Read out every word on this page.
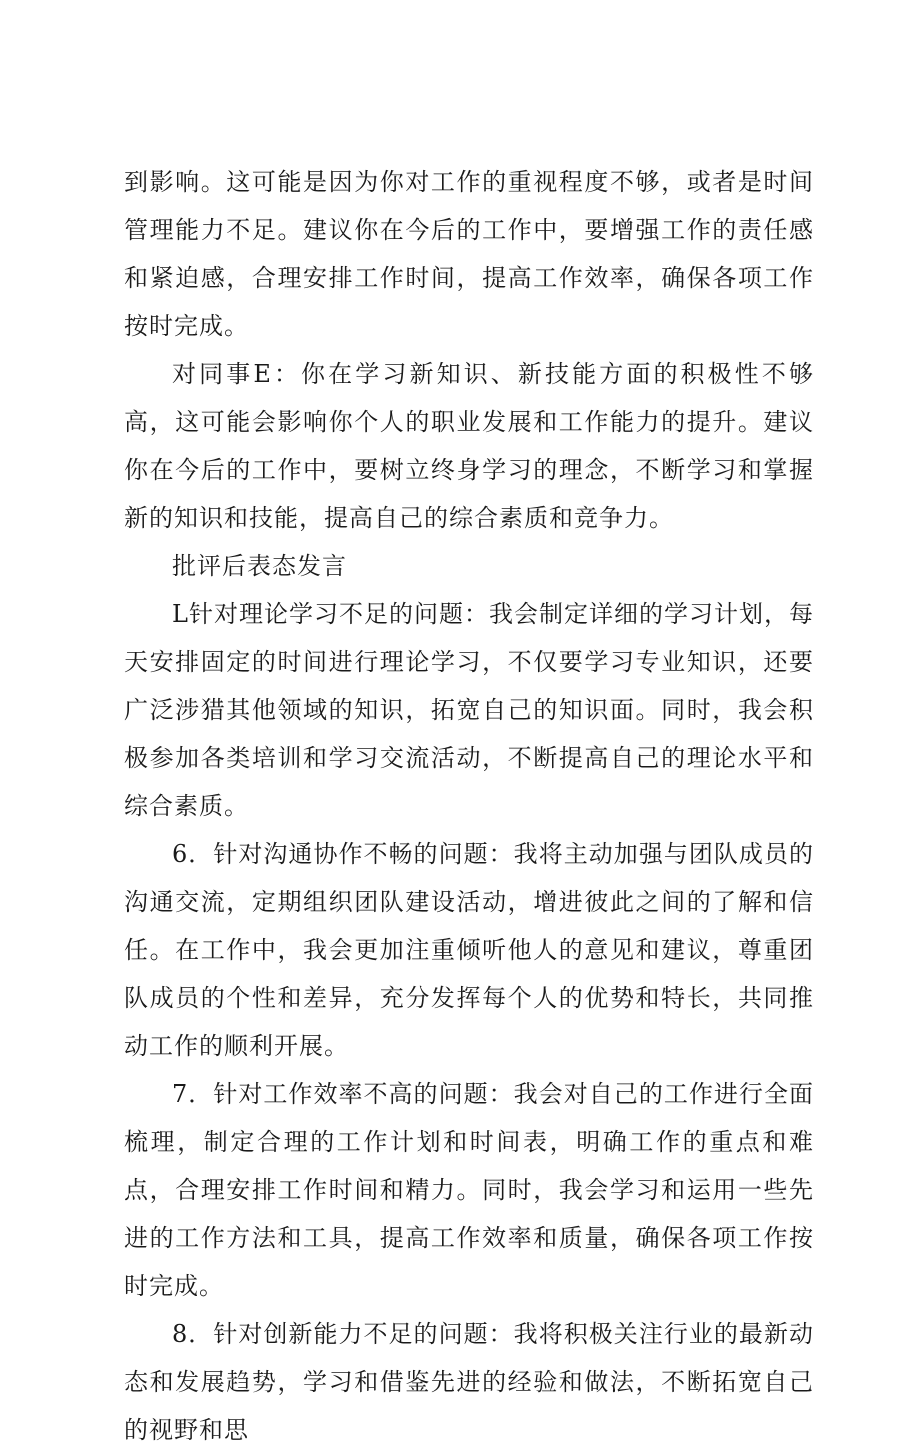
到影响。这可能是因为你对工作的重视程度不够，或者是时间管理能力不足。建议你在今后的工作中，要增强工作的责任感和紧迫感，合理安排工作时间，提高工作效率，确保各项工作按时完成。

对同事E：你在学习新知识、新技能方面的积极性不够高，这可能会影响你个人的职业发展和工作能力的提升。建议你在今后的工作中，要树立终身学习的理念，不断学习和掌握新的知识和技能，提高自己的综合素质和竞争力。

批评后表态发言

L针对理论学习不足的问题：我会制定详细的学习计划，每天安排固定的时间进行理论学习，不仅要学习专业知识，还要广泛涉猎其他领域的知识，拓宽自己的知识面。同时，我会积极参加各类培训和学习交流活动，不断提高自己的理论水平和综合素质。

6．针对沟通协作不畅的问题：我将主动加强与团队成员的沟通交流，定期组织团队建设活动，增进彼此之间的了解和信任。在工作中，我会更加注重倾听他人的意见和建议，尊重团队成员的个性和差异，充分发挥每个人的优势和特长，共同推动工作的顺利开展。

7．针对工作效率不高的问题：我会对自己的工作进行全面梳理，制定合理的工作计划和时间表，明确工作的重点和难点，合理安排工作时间和精力。同时，我会学习和运用一些先进的工作方法和工具，提高工作效率和质量，确保各项工作按时完成。

8．针对创新能力不足的问题：我将积极关注行业的最新动态和发展趋势，学习和借鉴先进的经验和做法，不断拓宽自己的视野和思
